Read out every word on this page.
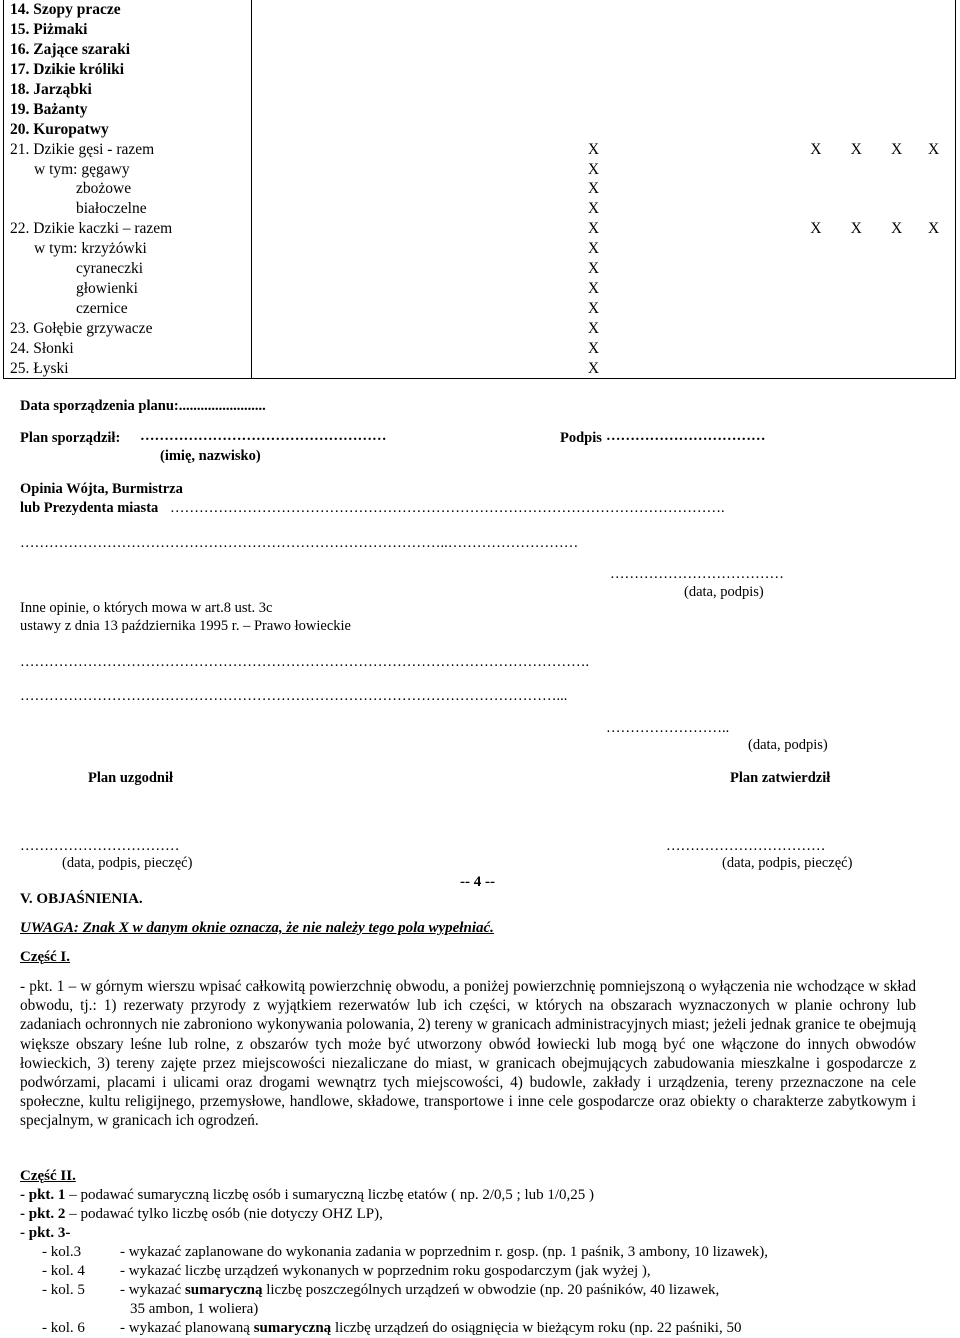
14. Szopy pracze						
15. Piżmaki						
16. Zające szaraki						
17. Dzikie króliki						
18. Jarząbki						
19. Bażanty						
20. Kuropatwy						
21. Dzikie gęsi - razem	X		X	X	X	X
w tym: gęgawy	X					
zbożowe	X					
białoczelne	X					
22. Dzikie kaczki – razem	X		X	X	X	X
w tym: krzyżówki	X					
cyraneczki	X					
głowienki	X					
czernice	X					
23. Gołębie grzywacze	X					
24. Słonki	X					
25. Łyski	X					
Data sporządzenia planu:........................
Plan sporządził: ……………………………………………
(imię, nazwisko)
Podpis ……………………………
Opinia Wójta, Burmistrza
lub Prezydenta miasta …………………………………………………………………………………………………….
……………………………………………………………………………..………………………
………………………………
(data, podpis)
Inne opinie, o których mowa w art.8 ust. 3c
ustawy z dnia 13 października 1995 r. – Prawo łowieckie
……………………………………………………………………………………………………….
…………………………………………………………………………………………………...
……………………..
(data, podpis)
Plan uzgodnił	Plan zatwierdził
……………………………
(data, podpis, pieczęć)
……………………………
(data, podpis, pieczęć)
-- 4 --
V. OBJAŚNIENIA.
UWAGA: Znak X w danym oknie oznacza, że nie należy tego pola wypełniać.
Część I.
- pkt. 1 – w górnym wierszu wpisać całkowitą powierzchnię obwodu, a poniżej powierzchnię pomniejszoną o wyłączenia nie wchodzące w skład obwodu, tj.: 1) rezerwaty przyrody z wyjątkiem rezerwatów lub ich części, w których na obszarach wyznaczonych w planie ochrony lub zadaniach ochronnych nie zabroniono wykonywania polowania, 2) tereny w granicach administracyjnych miast; jeżeli jednak granice te obejmują większe obszary leśne lub rolne, z obszarów tych może być utworzony obwód łowiecki lub mogą być one włączone do innych obwodów łowieckich, 3) tereny zajęte przez miejscowości niezaliczane do miast, w granicach obejmujących zabudowania mieszkalne i gospodarcze z podwórzami, placami i ulicami oraz drogami wewnątrz tych miejscowości, 4) budowle, zakłady i urządzenia, tereny przeznaczone na cele społeczne, kultu religijnego, przemysłowe, handlowe, składowe, transportowe i inne cele gospodarcze oraz obiekty o charakterze zabytkowym i specjalnym, w granicach ich ogrodzeń.
Część II.
- pkt. 1 – podawać sumaryczną liczbę osób i sumaryczną liczbę etatów ( np. 2/0,5 ; lub 1/0,25 )
- pkt. 2 – podawać tylko liczbę osób (nie dotyczy OHZ LP),
- pkt. 3-
- kol.3	- wykazać zaplanowane do wykonania zadania w poprzednim r. gosp. (np. 1 paśnik, 3 ambony, 10 lizawek),
- kol. 4 - wykazać liczbę urządzeń wykonanych w poprzednim roku gospodarczym (jak wyżej ),
- kol. 5 - wykazać sumaryczną liczbę poszczególnych urządzeń w obwodzie (np. 20 paśników, 40 lizawek,
35 ambon, 1 woliera)
- kol. 6 - wykazać planowaną sumaryczną liczbę urządzeń do osiągnięcia w bieżącym roku (np. 22 paśniki, 50
